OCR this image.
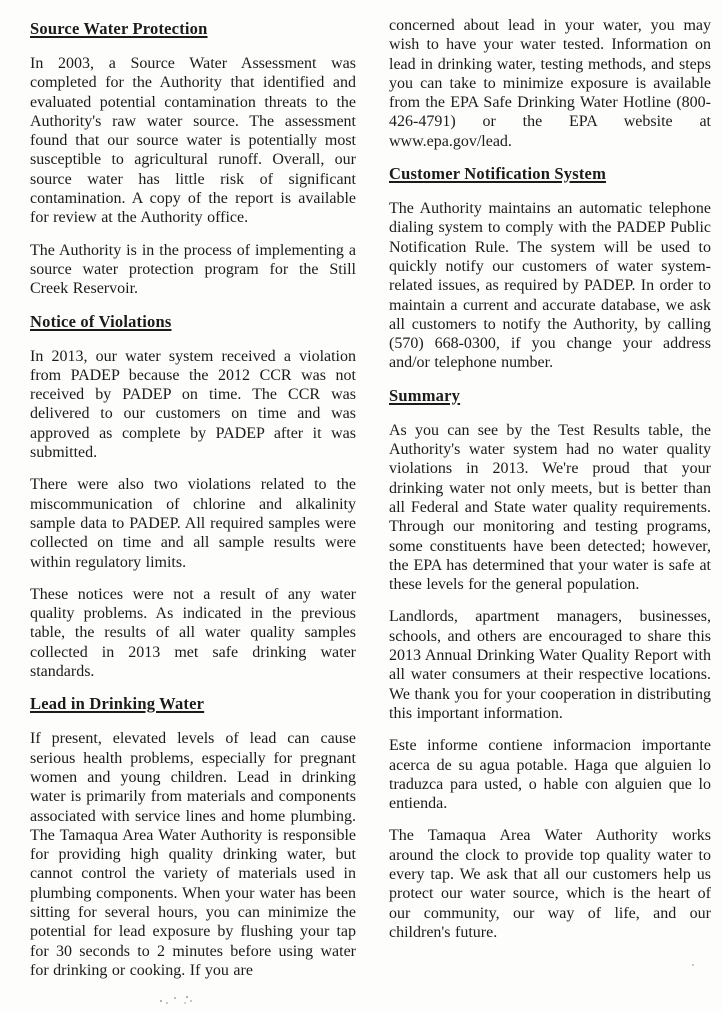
Source Water Protection

In 2003, a Source Water Assessment was completed for the Authority that identified and evaluated potential contamination threats to the Authority's raw water source. The assessment found that our source water is potentially most susceptible to agricultural runoff. Overall, our source water has little risk of significant contamination. A copy of the report is available for review at the Authority office.

The Authority is in the process of implementing a source water protection program for the Still Creek Reservoir.

Notice of Violations

In 2013, our water system received a violation from PADEP because the 2012 CCR was not received by PADEP on time. The CCR was delivered to our customers on time and was approved as complete by PADEP after it was submitted.

There were also two violations related to the miscommunication of chlorine and alkalinity sample data to PADEP. All required samples were collected on time and all sample results were within regulatory limits.

These notices were not a result of any water quality problems. As indicated in the previous table, the results of all water quality samples collected in 2013 met safe drinking water standards.

Lead in Drinking Water

If present, elevated levels of lead can cause serious health problems, especially for pregnant women and young children. Lead in drinking water is primarily from materials and components associated with service lines and home plumbing. The Tamaqua Area Water Authority is responsible for providing high quality drinking water, but cannot control the variety of materials used in plumbing components. When your water has been sitting for several hours, you can minimize the potential for lead exposure by flushing your tap for 30 seconds to 2 minutes before using water for drinking or cooking. If you are

concerned about lead in your water, you may wish to have your water tested. Information on lead in drinking water, testing methods, and steps you can take to minimize exposure is available from the EPA Safe Drinking Water Hotline (800-426-4791) or the EPA website at www.epa.gov/lead.

Customer Notification System

The Authority maintains an automatic telephone dialing system to comply with the PADEP Public Notification Rule. The system will be used to quickly notify our customers of water system-related issues, as required by PADEP. In order to maintain a current and accurate database, we ask all customers to notify the Authority, by calling (570) 668-0300, if you change your address and/or telephone number.

Summary

As you can see by the Test Results table, the Authority's water system had no water quality violations in 2013. We're proud that your drinking water not only meets, but is better than all Federal and State water quality requirements. Through our monitoring and testing programs, some constituents have been detected; however, the EPA has determined that your water is safe at these levels for the general population.

Landlords, apartment managers, businesses, schools, and others are encouraged to share this 2013 Annual Drinking Water Quality Report with all water consumers at their respective locations. We thank you for your cooperation in distributing this important information.

Este informe contiene informacion importante acerca de su agua potable. Haga que alguien lo traduzca para usted, o hable con alguien que lo entienda.

The Tamaqua Area Water Authority works around the clock to provide top quality water to every tap. We ask that all our customers help us protect our water source, which is the heart of our community, our way of life, and our children's future.
